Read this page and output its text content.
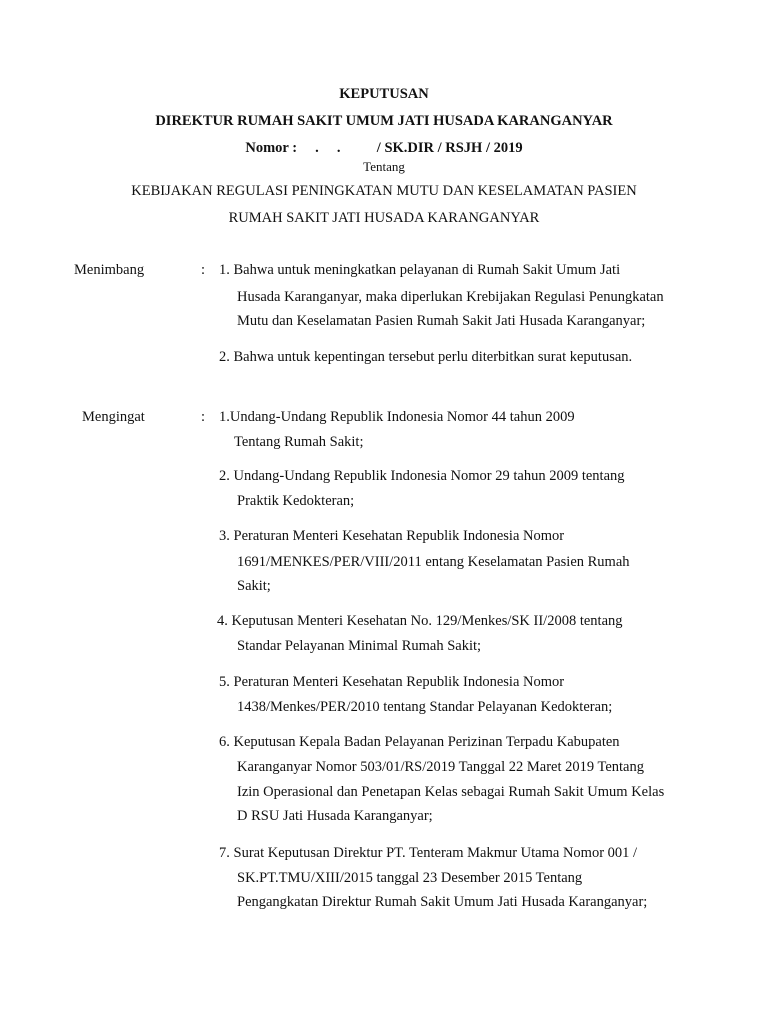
KEPUTUSAN
DIREKTUR RUMAH SAKIT UMUM JATI HUSADA KARANGANYAR
Nomor :     .     .          / SK.DIR / RSJH / 2019
Tentang
KEBIJAKAN REGULASI PENINGKATAN MUTU DAN KESELAMATAN PASIEN
RUMAH SAKIT JATI HUSADA KARANGANYAR
Menimbang	: 1. Bahwa untuk meningkatkan pelayanan di Rumah Sakit Umum Jati
Husada Karanganyar, maka diperlukan Krebijakan Regulasi Penungkatan
Mutu dan Keselamatan Pasien Rumah Sakit Jati Husada Karanganyar;
2. Bahwa untuk kepentingan tersebut perlu diterbitkan surat keputusan.
Mengingat	: 1.Undang-Undang Republik Indonesia Nomor 44 tahun 2009
Tentang Rumah Sakit;
2. Undang-Undang Republik Indonesia Nomor 29 tahun 2009 tentang
Praktik Kedokteran;
3. Peraturan Menteri Kesehatan Republik Indonesia Nomor
1691/MENKES/PER/VIII/2011 entang Keselamatan Pasien Rumah
Sakit;
4. Keputusan Menteri Kesehatan No. 129/Menkes/SK II/2008 tentang
Standar Pelayanan Minimal Rumah Sakit;
5. Peraturan Menteri Kesehatan Republik Indonesia Nomor
1438/Menkes/PER/2010 tentang Standar Pelayanan Kedokteran;
6. Keputusan Kepala Badan Pelayanan Perizinan Terpadu Kabupaten
Karanganyar Nomor 503/01/RS/2019 Tanggal 22 Maret 2019 Tentang
Izin Operasional dan Penetapan Kelas sebagai Rumah Sakit Umum Kelas
D RSU Jati Husada Karanganyar;
7. Surat Keputusan Direktur PT. Tenteram Makmur Utama Nomor 001 /
SK.PT.TMU/XIII/2015 tanggal 23 Desember 2015 Tentang
Pengangkatan Direktur Rumah Sakit Umum Jati Husada Karanganyar;
